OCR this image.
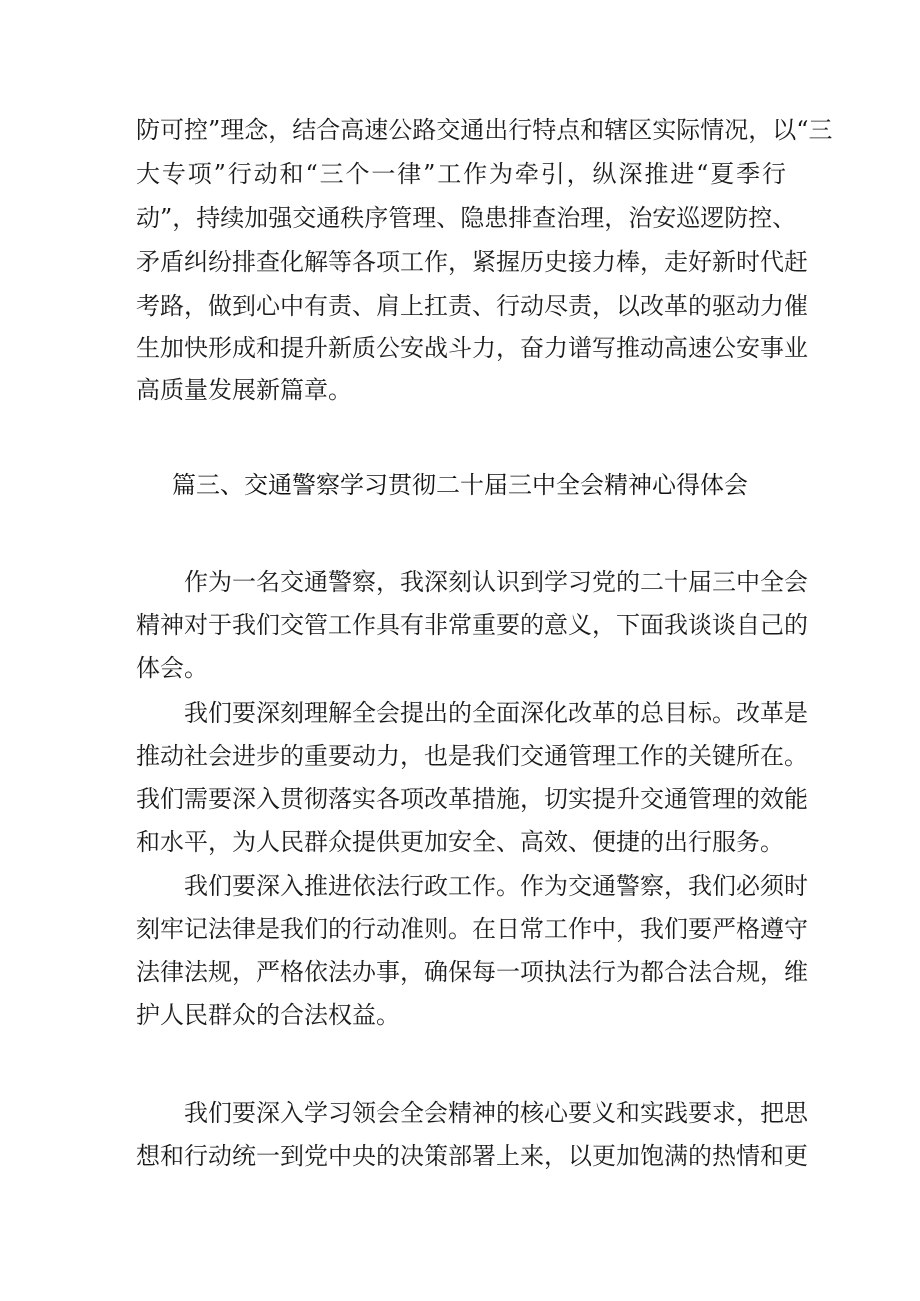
防可控”理念，结合高速公路交通出行特点和辖区实际情况，以“三
大专项”行动和“三个一律”工作为牵引，纵深推进“夏季行
动”，持续加强交通秩序管理、隐患排查治理，治安巡逻防控、
矛盾纠纷排查化解等各项工作，紧握历史接力棒，走好新时代赶
考路，做到心中有责、肩上扛责、行动尽责，以改革的驱动力催
生加快形成和提升新质公安战斗力，奋力谱写推动高速公安事业
高质量发展新篇章。
篇三、交通警察学习贯彻二十届三中全会精神心得体会
作为一名交通警察，我深刻认识到学习党的二十届三中全会
精神对于我们交管工作具有非常重要的意义，下面我谈谈自己的
体会。
我们要深刻理解全会提出的全面深化改革的总目标。改革是
推动社会进步的重要动力，也是我们交通管理工作的关键所在。
我们需要深入贯彻落实各项改革措施，切实提升交通管理的效能
和水平，为人民群众提供更加安全、高效、便捷的出行服务。
我们要深入推进依法行政工作。作为交通警察，我们必须时
刻牢记法律是我们的行动准则。在日常工作中，我们要严格遵守
法律法规，严格依法办事，确保每一项执法行为都合法合规，维
护人民群众的合法权益。
我们要深入学习领会全会精神的核心要义和实践要求，把思
想和行动统一到党中央的决策部署上来，以更加饱满的热情和更
